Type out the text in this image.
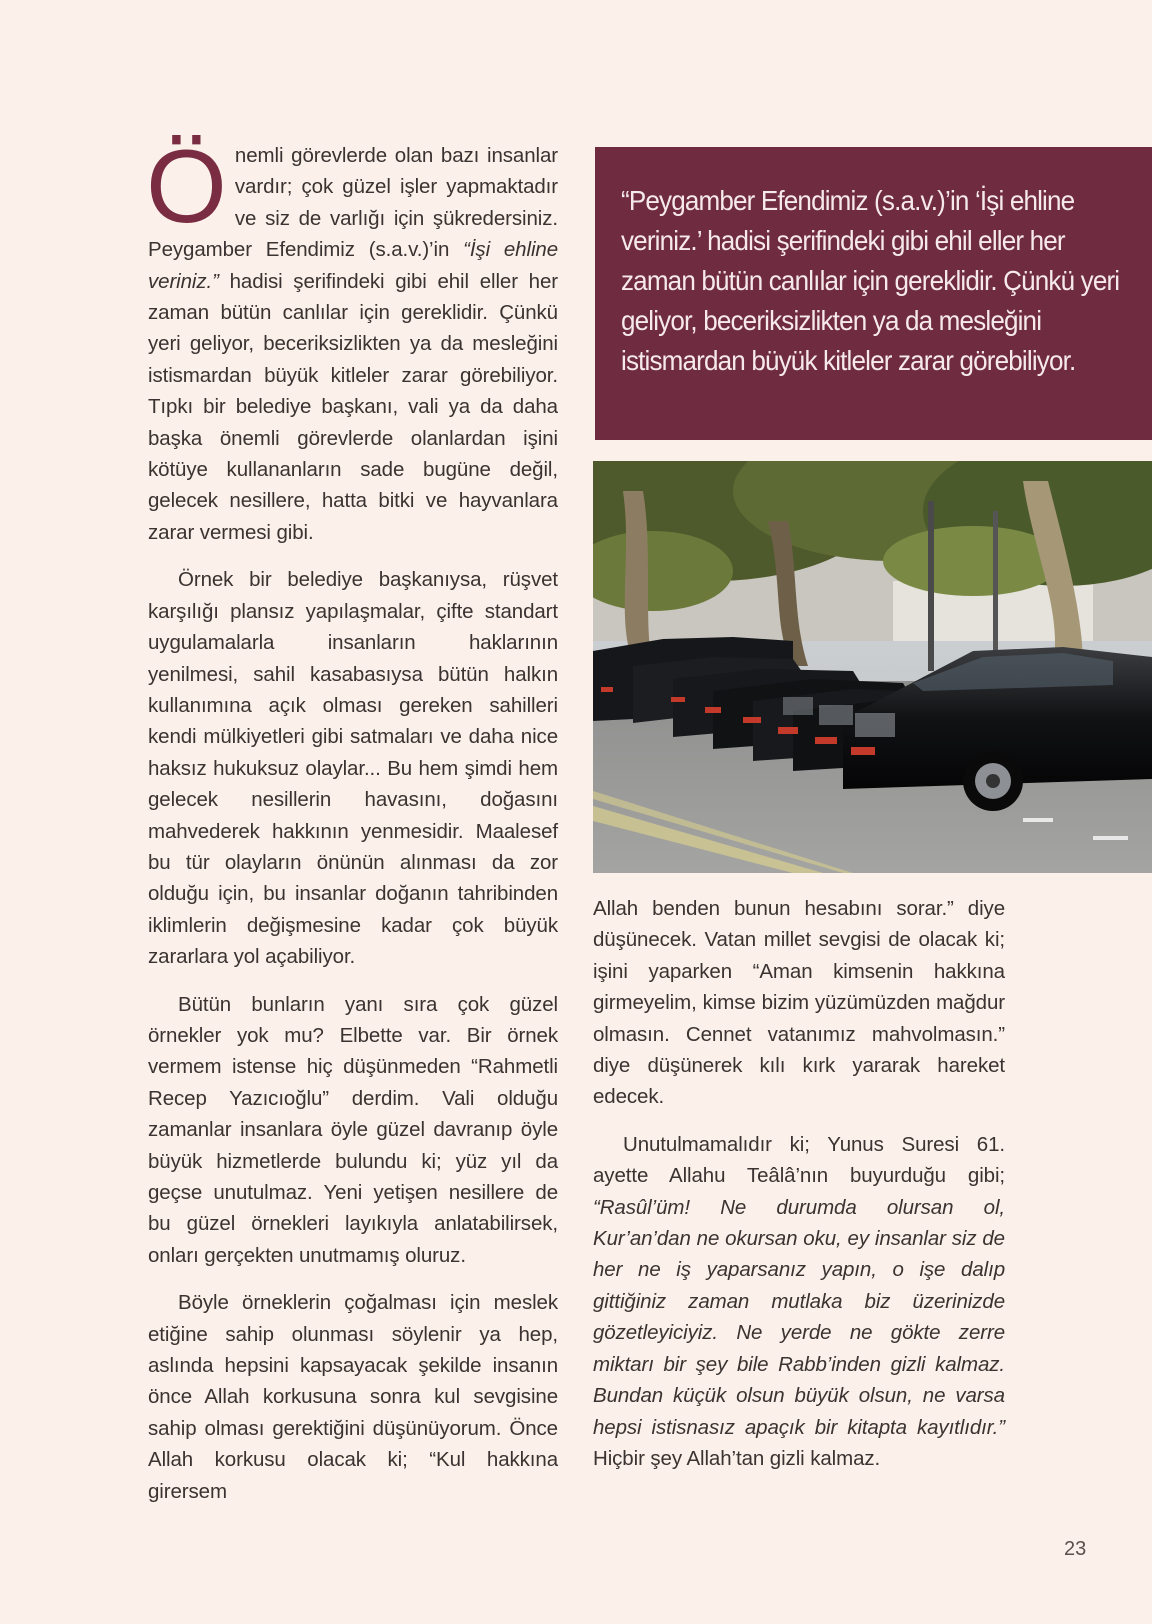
Ö nemli görevlerde olan bazı insanlar vardır; çok güzel işler yapmaktadır ve siz de varlığı için şükredersiniz. Peygamber Efendimiz (s.a.v.)’in “İşi ehline veriniz.” hadisi şerifindeki gibi ehil eller her zaman bütün canlılar için gereklidir. Çünkü yeri geliyor, beceriksizlikten ya da mesleğini istismardan büyük kitleler zarar görebiliyor. Tıpkı bir belediye başkanı, vali ya da daha başka önemli görevlerde olanlardan işini kötüye kullananların sade bugüne değil, gelecek nesillere, hatta bitki ve hayvanlara zarar vermesi gibi.

Örnek bir belediye başkanıysa, rüşvet karşılığı plansız yapılaşmalar, çifte standart uygulamalarla insanların haklarının yenilmesi, sahil kasabasıysa bütün halkın kullanımına açık olması gereken sahilleri kendi mülkiyetleri gibi satmaları ve daha nice haksız hukuksuz olaylar... Bu hem şimdi hem gelecek nesillerin havasını, doğasını mahvederek hakkının yenmesidir. Maalesef bu tür olayların önünün alınması da zor olduğu için, bu insanlar doğanın tahribinden iklimlerin değişmesine kadar çok büyük zararlara yol açabiliyor.

Bütün bunların yanı sıra çok güzel örnekler yok mu? Elbette var. Bir örnek vermem istense hiç düşünmeden “Rahmetli Recep Yazıcıoğlu” derdim. Vali olduğu zamanlar insanlara öyle güzel davranıp öyle büyük hizmetlerde bulundu ki; yüz yıl da geçse unutulmaz. Yeni yetişen nesillere de bu güzel örnekleri layıkıyla anlatabilirsek, onları gerçekten unutmamış oluruz.

Böyle örneklerin çoğalması için meslek etiğine sahip olunması söylenir ya hep, aslında hepsini kapsayacak şekilde insanın önce Allah korkusuna sonra kul sevgisine sahip olması gerektiğini düşünüyorum. Önce Allah korkusu olacak ki; “Kul hakkına girersem

“Peygamber Efendimiz (s.a.v.)’in ‘İşi ehline veriniz.’ hadisi şerifindeki gibi ehil eller her zaman bütün canlılar için gereklidir. Çünkü yeri geliyor, beceriksizlikten ya da mesleğini istismardan büyük kitleler zarar görebiliyor.

Allah benden bunun hesabını sorar.” diye düşünecek. Vatan millet sevgisi de olacak ki; işini yaparken “Aman kimsenin hakkına girmeyelim, kimse bizim yüzümüzden mağdur olmasın. Cennet vatanımız mahvolmasın.” diye düşünerek kılı kırk yararak hareket edecek.

Unutulmamalıdır ki; Yunus Suresi 61. ayette Allahu Teâlâ’nın buyurduğu gibi; “Rasûl’üm! Ne durumda olursan ol, Kur’an’dan ne okursan oku, ey insanlar siz de her ne iş yaparsanız yapın, o işe dalıp gittiğiniz zaman mutlaka biz üzerinizde gözetleyiciyiz. Ne yerde ne gökte zerre miktarı bir şey bile Rabb’inden gizli kalmaz. Bundan küçük olsun büyük olsun, ne varsa hepsi istisnasız apaçık bir kitapta kayıtlıdır.” Hiçbir şey Allah’tan gizli kalmaz.

23
